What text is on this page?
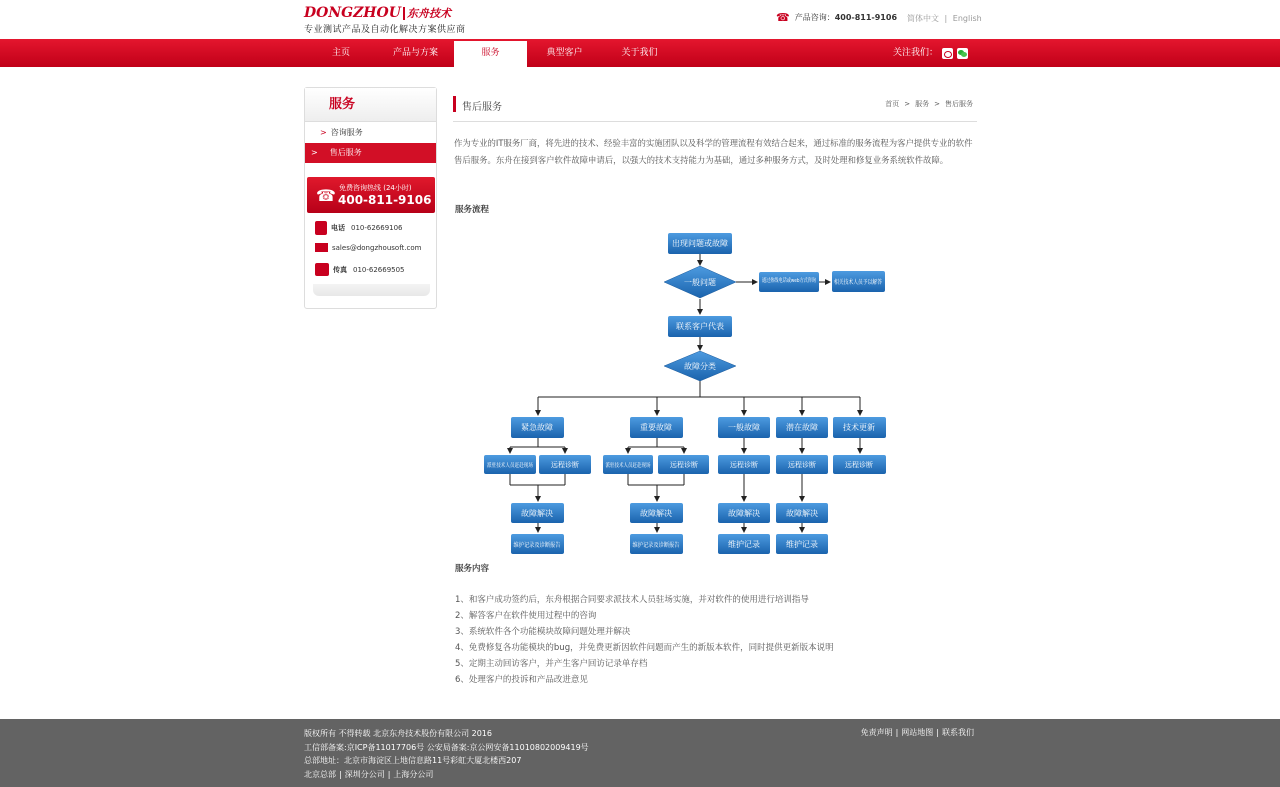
DONGZHOU 东舟技术
专业测试产品及自动化解决方案供应商
☎ 产品咨询： 400-811-9106 简体中文 | English
主页	产品与方案	服务	典型客户	关于我们	关注我们：
服务
> 咨询服务
> 售后服务
☎ 免费咨询热线 (24小时)
400-811-9106
电话 010-62669106
sales@dongzhousoft.com
传真 010-62669505
售后服务	首页 > 服务 > 售后服务
作为专业的IT服务厂商，将先进的技术、经验丰富的实施团队以及科学的管理流程有效结合起来，通过标准的服务流程为客户提供专业的软件售后服务。东舟在接到客户软件故障申请后，以强大的技术支持能力为基础，通过多种服务方式，及时处理和修复业务系统软件故障。
服务流程
出现问题或故障
一般问题	通过热线电话或web方式咨询 相关技术人员予以解答
联系客户代表
故障分类
紧急故障	重要故障	一般故障	潜在故障	技术更新
派驻技术人员赶赴现场 远程诊断	派驻技术人员赶赴现场 远程诊断	远程诊断	远程诊断	远程诊断
故障解决	故障解决	故障解决	故障解决
维护记录及诊断报告	维护记录及诊断报告	维护记录	维护记录
服务内容
1、和客户成功签约后，东舟根据合同要求派技术人员驻场实施，并对软件的使用进行培训指导
2、解答客户在软件使用过程中的咨询
3、系统软件各个功能模块故障问题处理并解决
4、免费修复各功能模块的bug，并免费更新因软件问题而产生的新版本软件，同时提供更新版本说明
5、定期主动回访客户，并产生客户回访记录单存档
6、处理客户的投诉和产品改进意见
版权所有 不得转载 北京东舟技术股份有限公司 2016
工信部备案:京ICP备11017706号 公安局备案:京公网安备11010802009419号
总部地址：北京市海淀区上地信息路11号彩虹大厦北楼西207
北京总部 | 深圳分公司 | 上海分公司
免责声明 | 网站地图 | 联系我们
